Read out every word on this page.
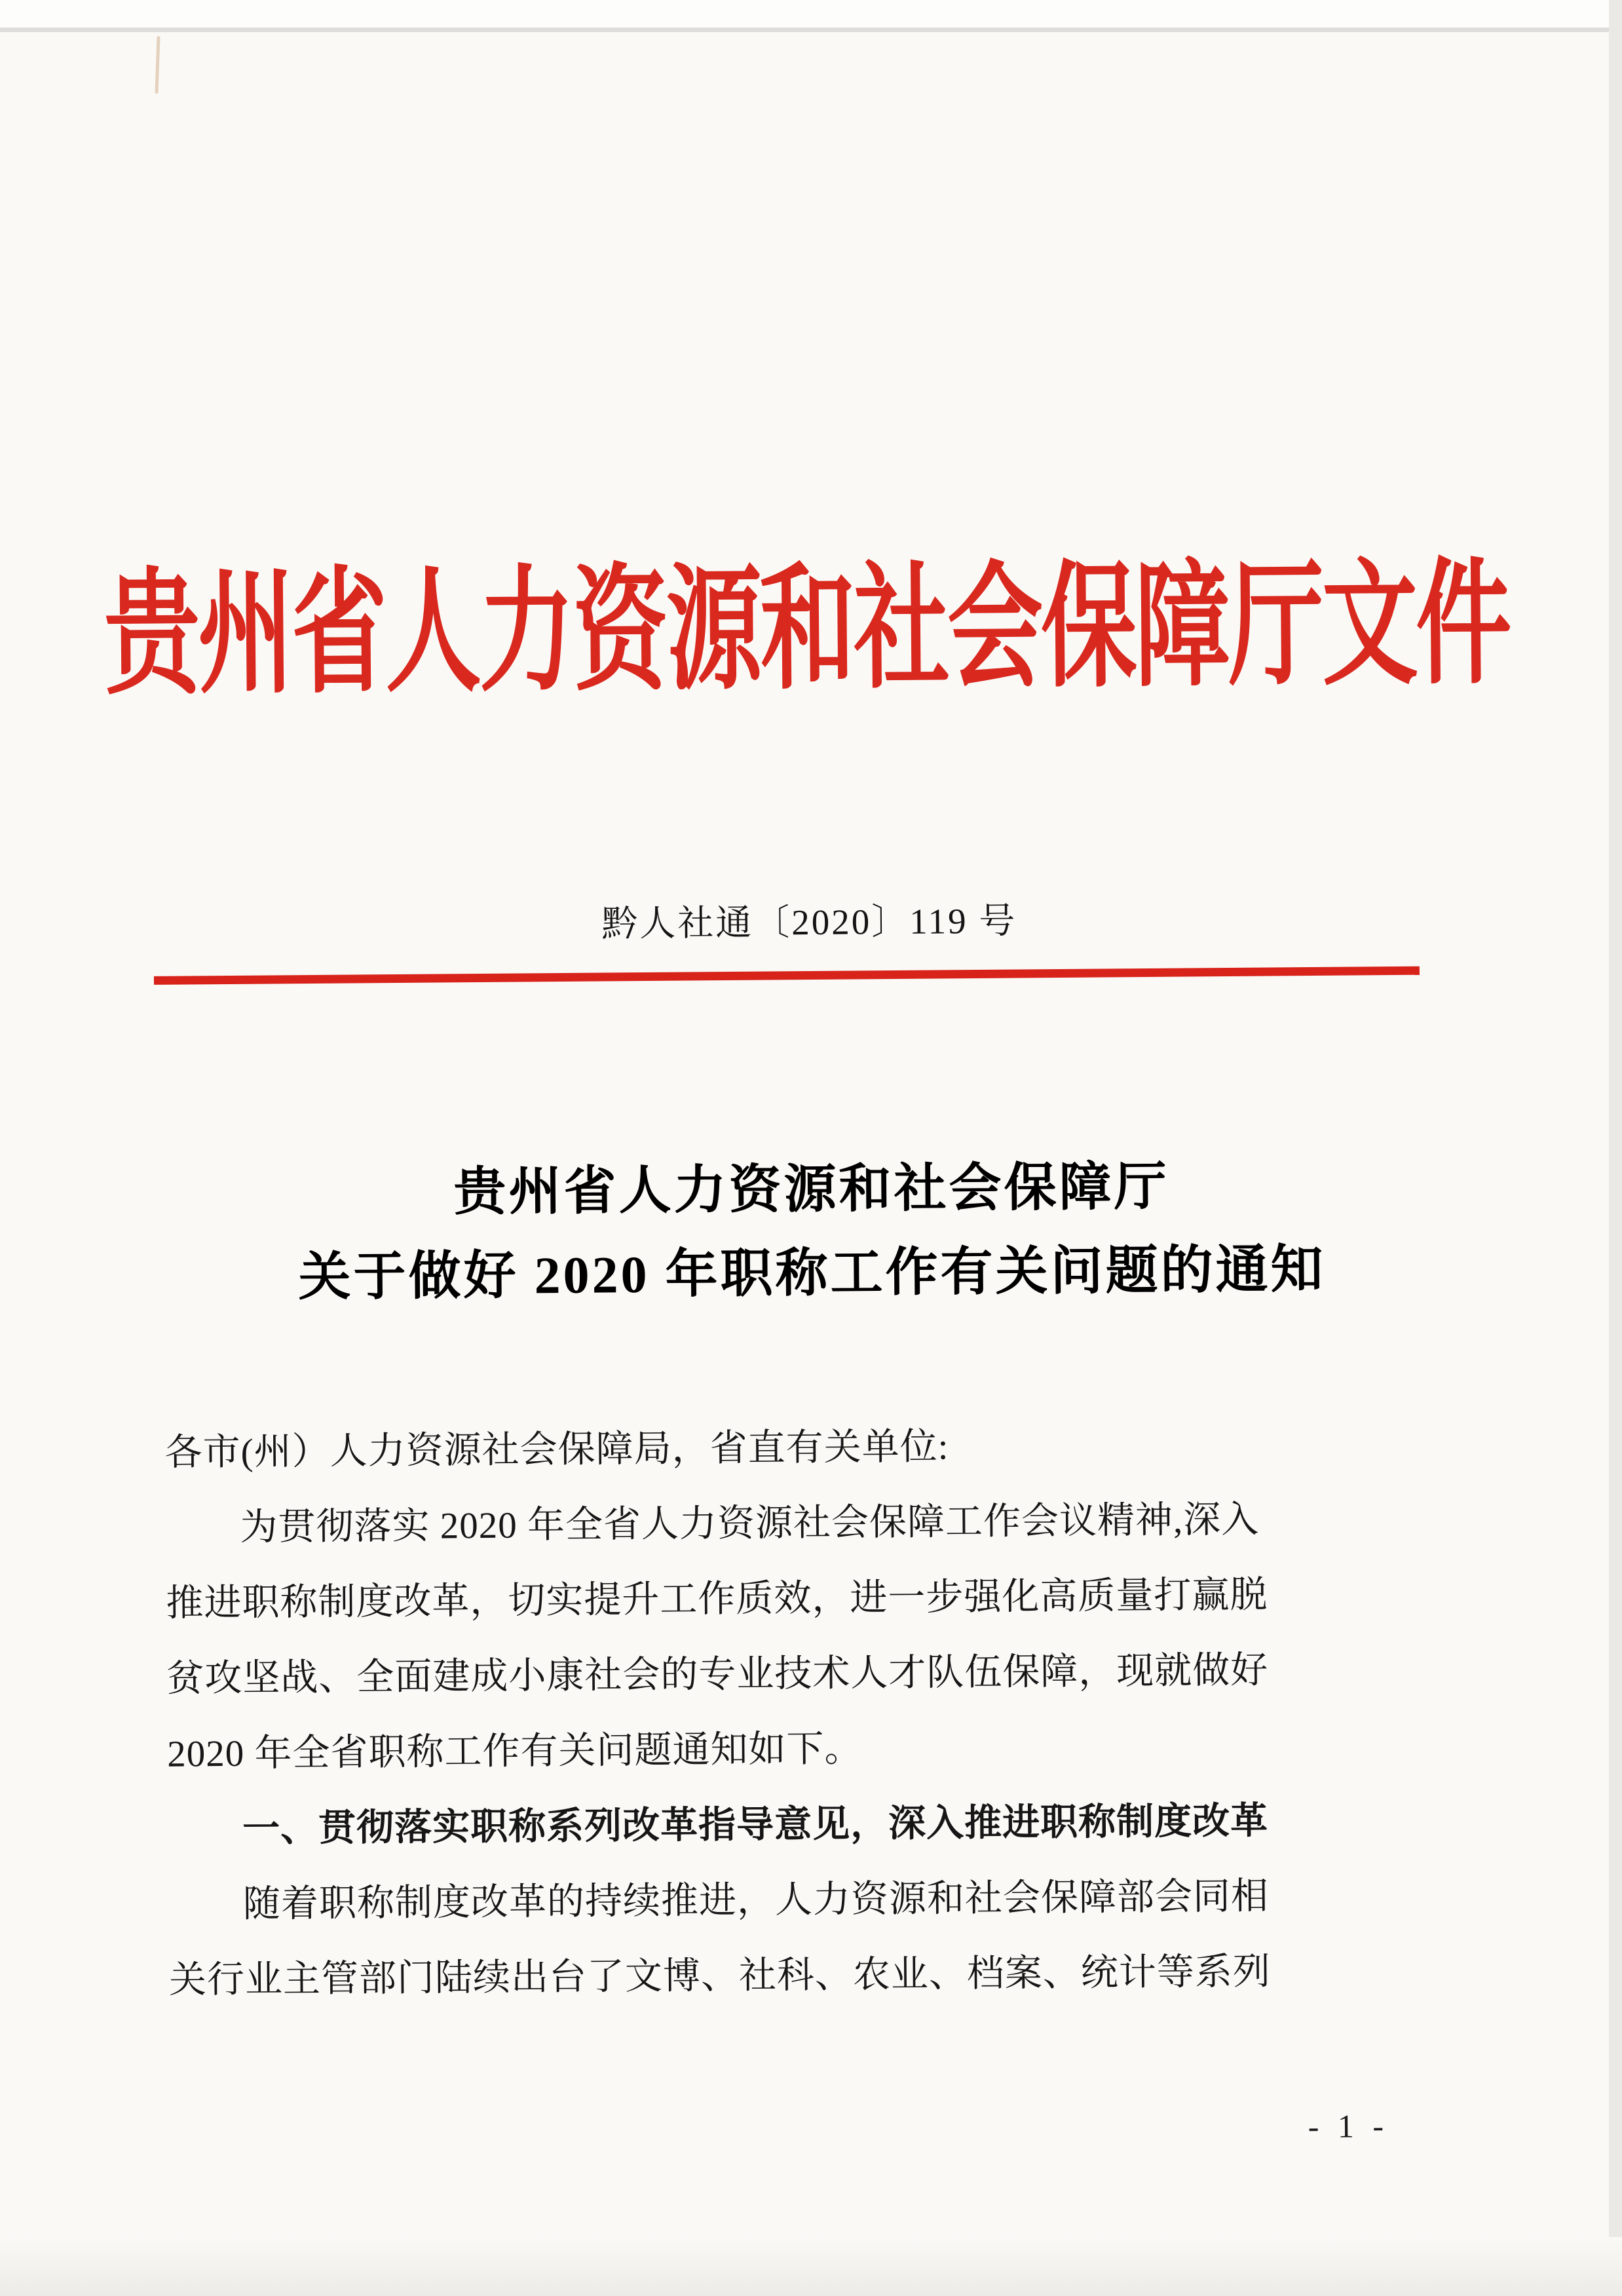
贵州省人力资源和社会保障厅文件
黔人社通〔2020〕119 号
贵州省人力资源和社会保障厅
关于做好 2020 年职称工作有关问题的通知
各市(州）人力资源社会保障局，省直有关单位:
为贯彻落实 2020 年全省人力资源社会保障工作会议精神,深入
推进职称制度改革，切实提升工作质效，进一步强化高质量打赢脱
贫攻坚战、全面建成小康社会的专业技术人才队伍保障，现就做好
2020 年全省职称工作有关问题通知如下。
一、贯彻落实职称系列改革指导意见，深入推进职称制度改革
随着职称制度改革的持续推进，人力资源和社会保障部会同相
关行业主管部门陆续出台了文博、社科、农业、档案、统计等系列
- 1 -
